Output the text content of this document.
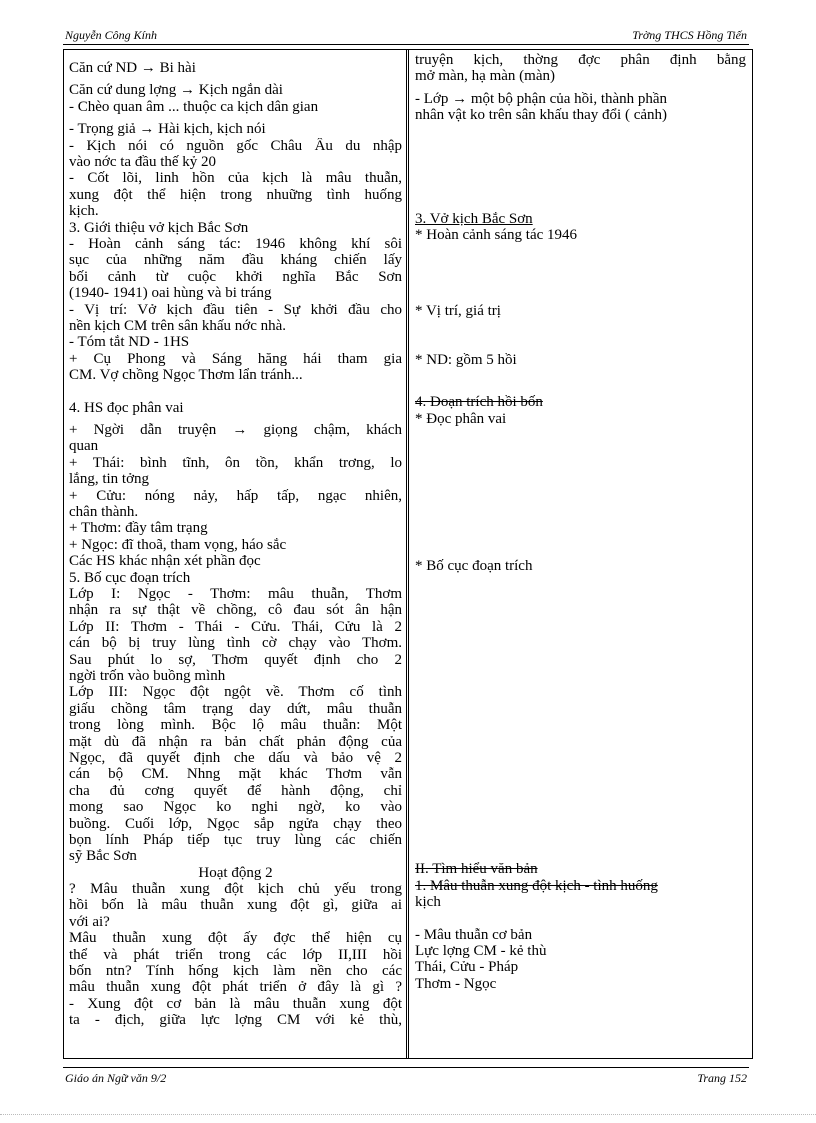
Nguyễn Công Kính	Trờng THCS Hồng Tiến
Căn cứ ND → Bi hài
Căn cứ dung lợng → Kịch ngắn dài
- Chèo quan âm ... thuộc ca kịch dân gian
- Trọng giả → Hài kịch, kịch nói
- Kịch nói có nguồn gốc Châu Âu du nhập
vào nớc ta đầu thế kỷ 20
- Cốt lõi, linh hồn của kịch là mâu thuẫn,
xung đột thể hiện trong nhuững tình huống
kịch.
3. Giới thiệu vở kịch Bắc Sơn
- Hoàn cảnh sáng tác: 1946 không khí sôi
sục của những năm đầu kháng chiến lấy
bối cảnh từ cuộc khởi nghĩa Bắc Sơn
(1940- 1941) oai hùng và bi tráng
- Vị trí: Vở kịch đầu tiên - Sự khởi đầu cho
nền kịch CM trên sân khấu nớc nhà.
- Tóm tắt ND - 1HS
+ Cụ Phong và Sáng hăng hái tham gia
CM. Vợ chồng Ngọc Thơm lẩn tránh...
4. HS đọc phân vai
+ Ngời dẫn truyện → giọng chậm, khách
quan
+ Thái: bình tĩnh, ôn tồn, khẩn trơng, lo
lắng, tin tởng
+ Cửu: nóng nảy, hấp tấp, ngạc nhiên,
chân thành.
+ Thơm: đầy tâm trạng
+ Ngọc: đĩ thoã, tham vọng, háo sắc
Các HS khác nhận xét phần đọc
5. Bố cục đoạn trích
Lớp I: Ngọc - Thơm: mâu thuẫn, Thơm
nhận ra sự thật về chồng, cô đau sót ân hận
Lớp II: Thơm - Thái - Cửu. Thái, Cửu là 2
cán bộ bị truy lùng tình cờ chạy vào Thơm.
Sau phút lo sợ, Thơm quyết định cho 2
ngời trốn vào buồng mình
Lớp III: Ngọc đột ngột về. Thơm cố tình
giấu chồng tâm trạng day dứt, mâu thuẫn
trong lòng mình. Bộc lộ mâu thuẫn: Một
mặt dù đã nhận ra bản chất phản động của
Ngọc, đã quyết định che dấu và bảo vệ 2
cán bộ CM. Nhng mặt khác Thơm vẫn
cha đủ cơng quyết để hành động, chỉ
mong sao Ngọc ko nghi ngờ, ko vào
buồng. Cuối lớp, Ngọc sắp ngửa chạy theo
bọn lính Pháp tiếp tục truy lùng các chiến
sỹ Bắc Sơn
Hoạt động 2
? Mâu thuẫn xung đột kịch chủ yếu trong
hồi bốn là mâu thuẫn xung đột gì, giữa ai
với ai?
Mâu thuẫn xung đột ấy đợc thể hiện cụ
thể và phát triển trong các lớp II,III hồi
bốn ntn? Tính hống kịch làm nền cho các
mâu thuẫn xung đột phát triển ở đây là gì ?
- Xung đột cơ bản là mâu thuẫn xung đột
ta - địch, giữa lực lợng CM với kẻ thù,
truyện kịch, thờng đợc phân định bằng
mở màn, hạ màn (màn)
- Lớp → một bộ phận của hồi, thành phần
nhân vật ko trên sân khấu thay đổi ( cảnh)
3. Vở kịch Bắc Sơn
* Hoàn cảnh sáng tác 1946
* Vị trí, giá trị
* ND: gồm 5 hồi
4. Đoạn trích hồi bốn
* Đọc phân vai
* Bố cục đoạn trích
II. Tìm hiểu văn bản
1. Mâu thuẫn xung đột kịch - tình huống
kịch
- Mâu thuẫn cơ bản
Lực lợng CM - kẻ thù
Thái, Cửu - Pháp
Thơm - Ngọc
Giáo án Ngữ văn 9/2	Trang 152
